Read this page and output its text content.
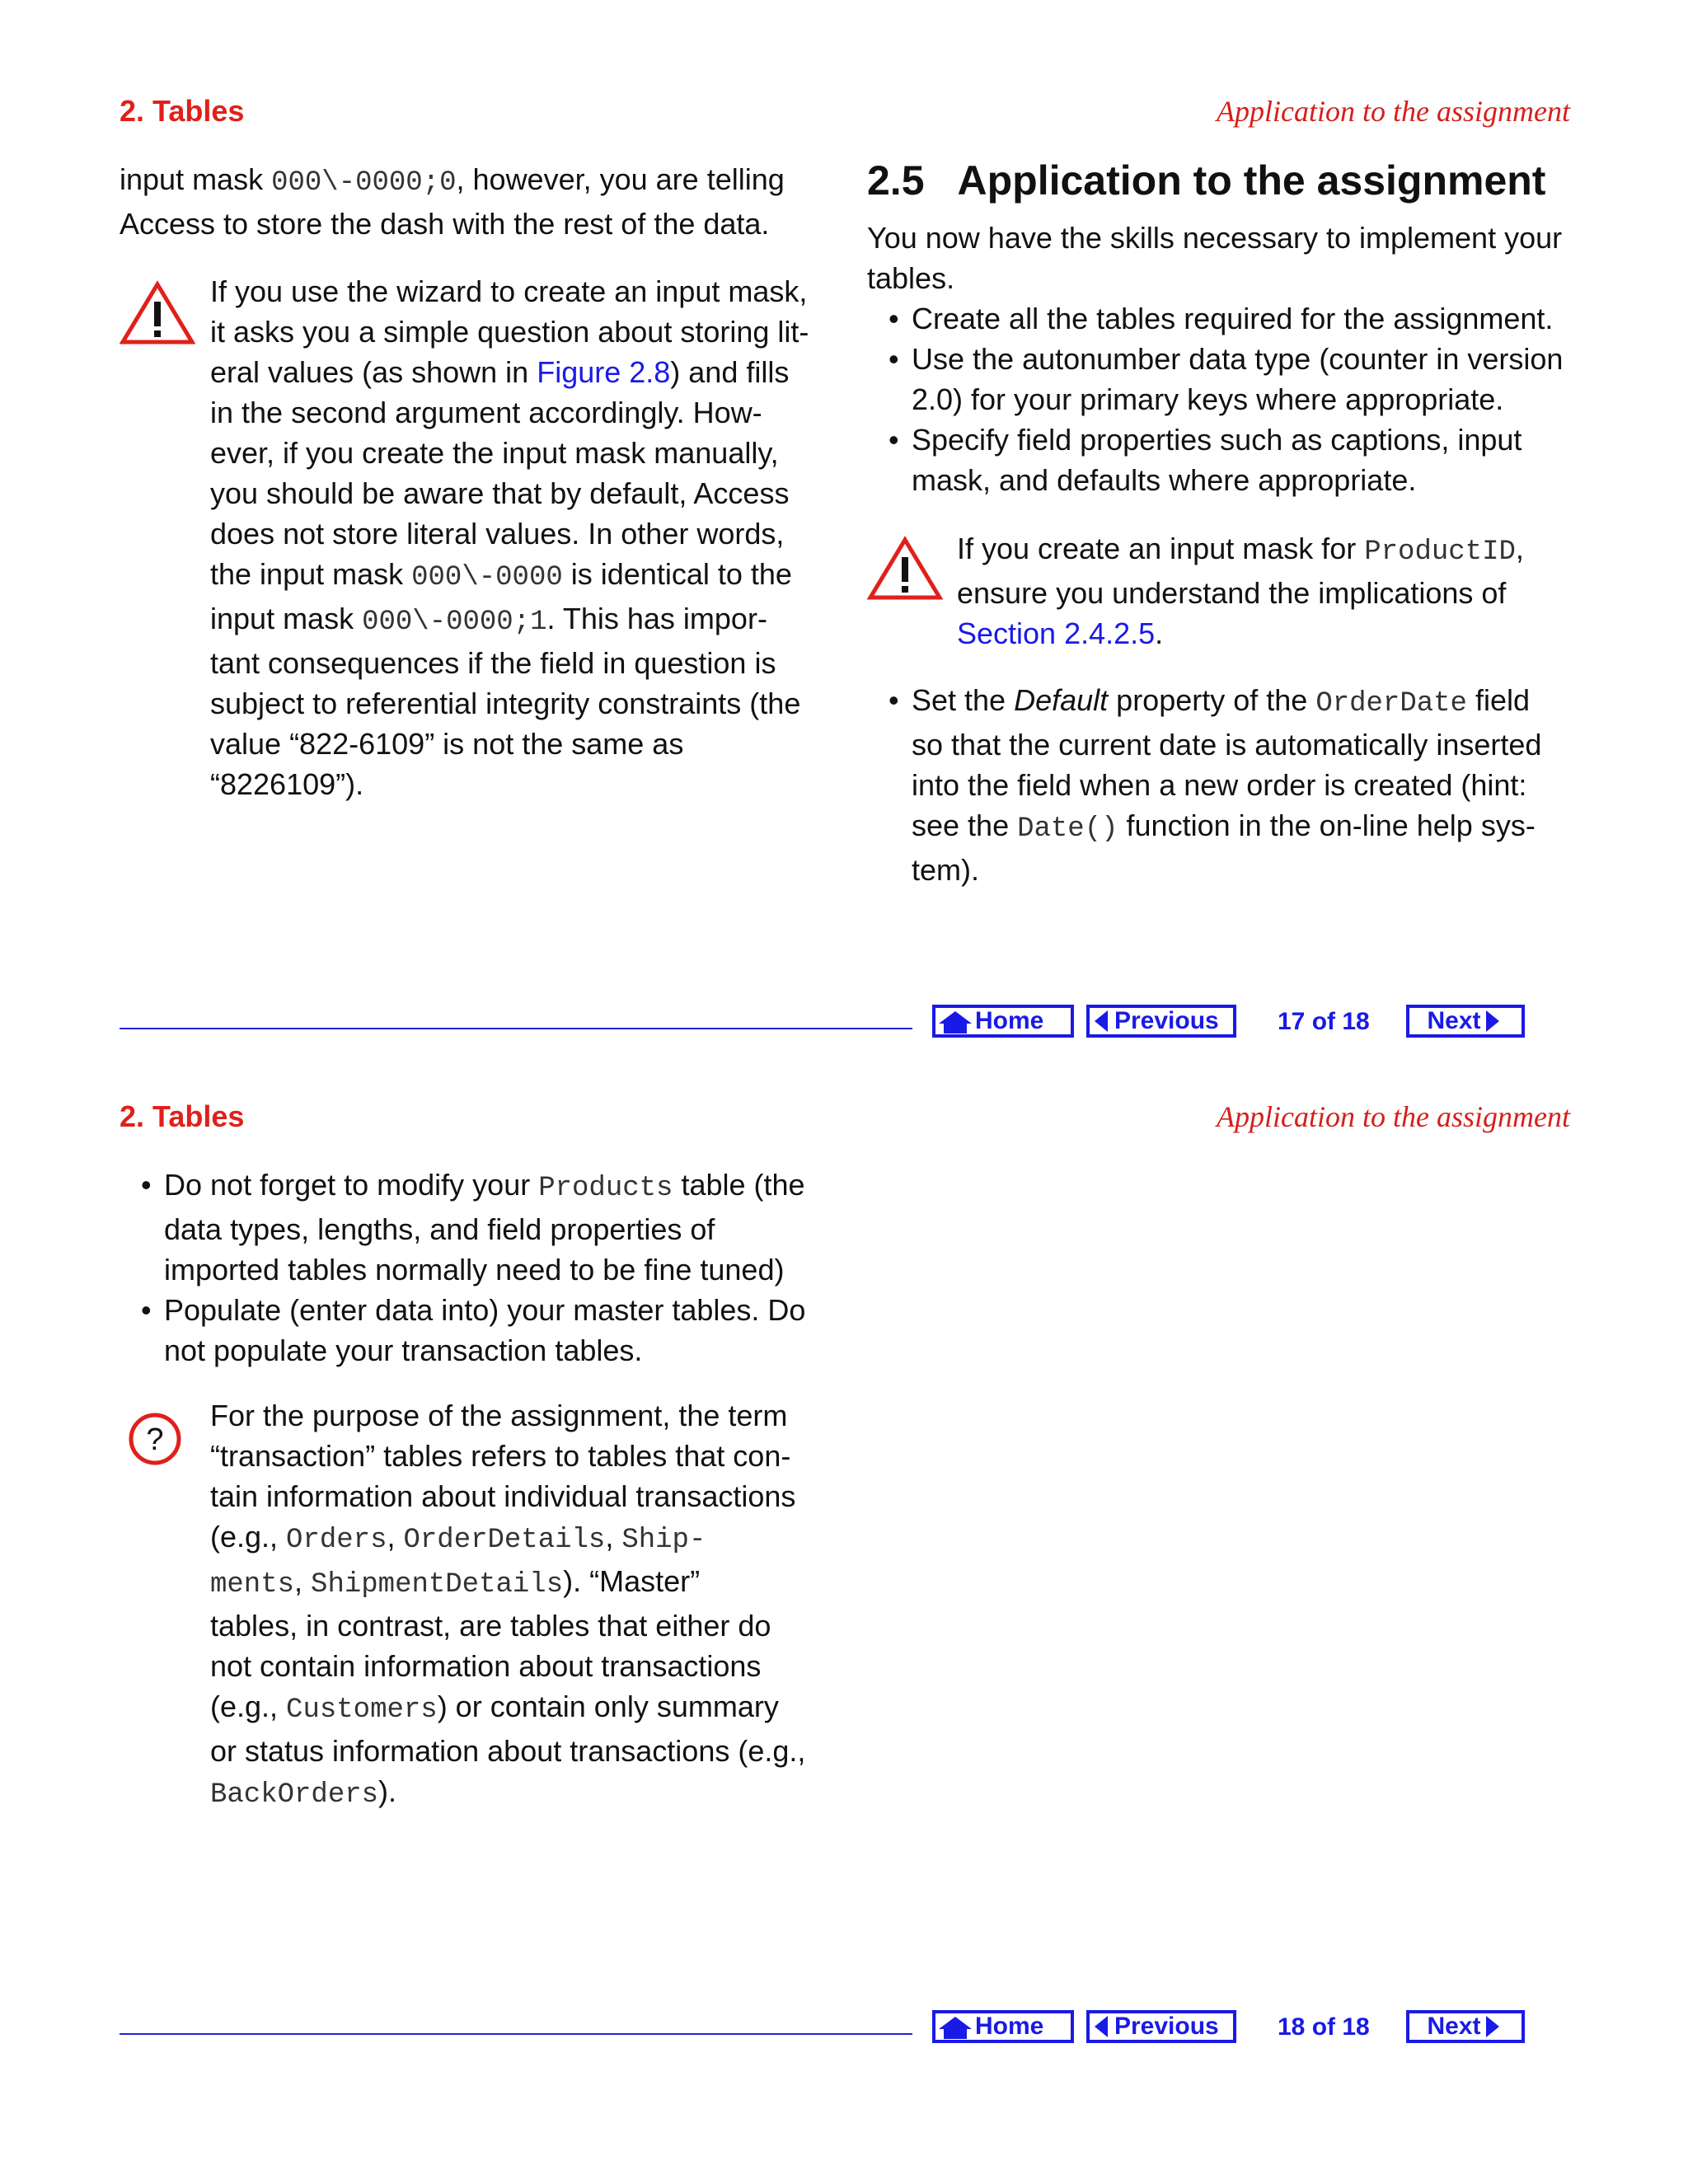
2. Tables	Application to the assignment
input mask 000\-0000;0, however, you are telling
Access to store the dash with the rest of the data.
If you use the wizard to create an input mask,
it asks you a simple question about storing lit-
eral values (as shown in Figure 2.8) and fills
in the second argument accordingly. How-
ever, if you create the input mask manually,
you should be aware that by default, Access
does not store literal values. In other words,
the input mask 000\-0000 is identical to the
input mask 000\-0000;1. This has impor-
tant consequences if the field in question is
subject to referential integrity constraints (the
value “822-6109” is not the same as
“8226109”).
2.5 Application to the assignment
You now have the skills necessary to implement your
tables.
• Create all the tables required for the assignment.
• Use the autonumber data type (counter in version
2.0) for your primary keys where appropriate.
• Specify field properties such as captions, input
mask, and defaults where appropriate.
If you create an input mask for ProductID,
ensure you understand the implications of
Section 2.4.2.5.
• Set the Default property of the OrderDate field
so that the current date is automatically inserted
into the field when a new order is created (hint:
see the Date() function in the on-line help sys-
tem).
Home	Previous 17 of 18 Next
2. Tables	Application to the assignment
• Do not forget to modify your Products table (the
data types, lengths, and field properties of
imported tables normally need to be fine tuned)
• Populate (enter data into) your master tables. Do
not populate your transaction tables.
?
For the purpose of the assignment, the term
“transaction” tables refers to tables that con-
tain information about individual transactions
(e.g., Orders, OrderDetails, Ship-
ments, ShipmentDetails). “Master”
tables, in contrast, are tables that either do
not contain information about transactions
(e.g., Customers) or contain only summary
or status information about transactions (e.g.,
BackOrders).
Home	Previous 18 of 18 Next
